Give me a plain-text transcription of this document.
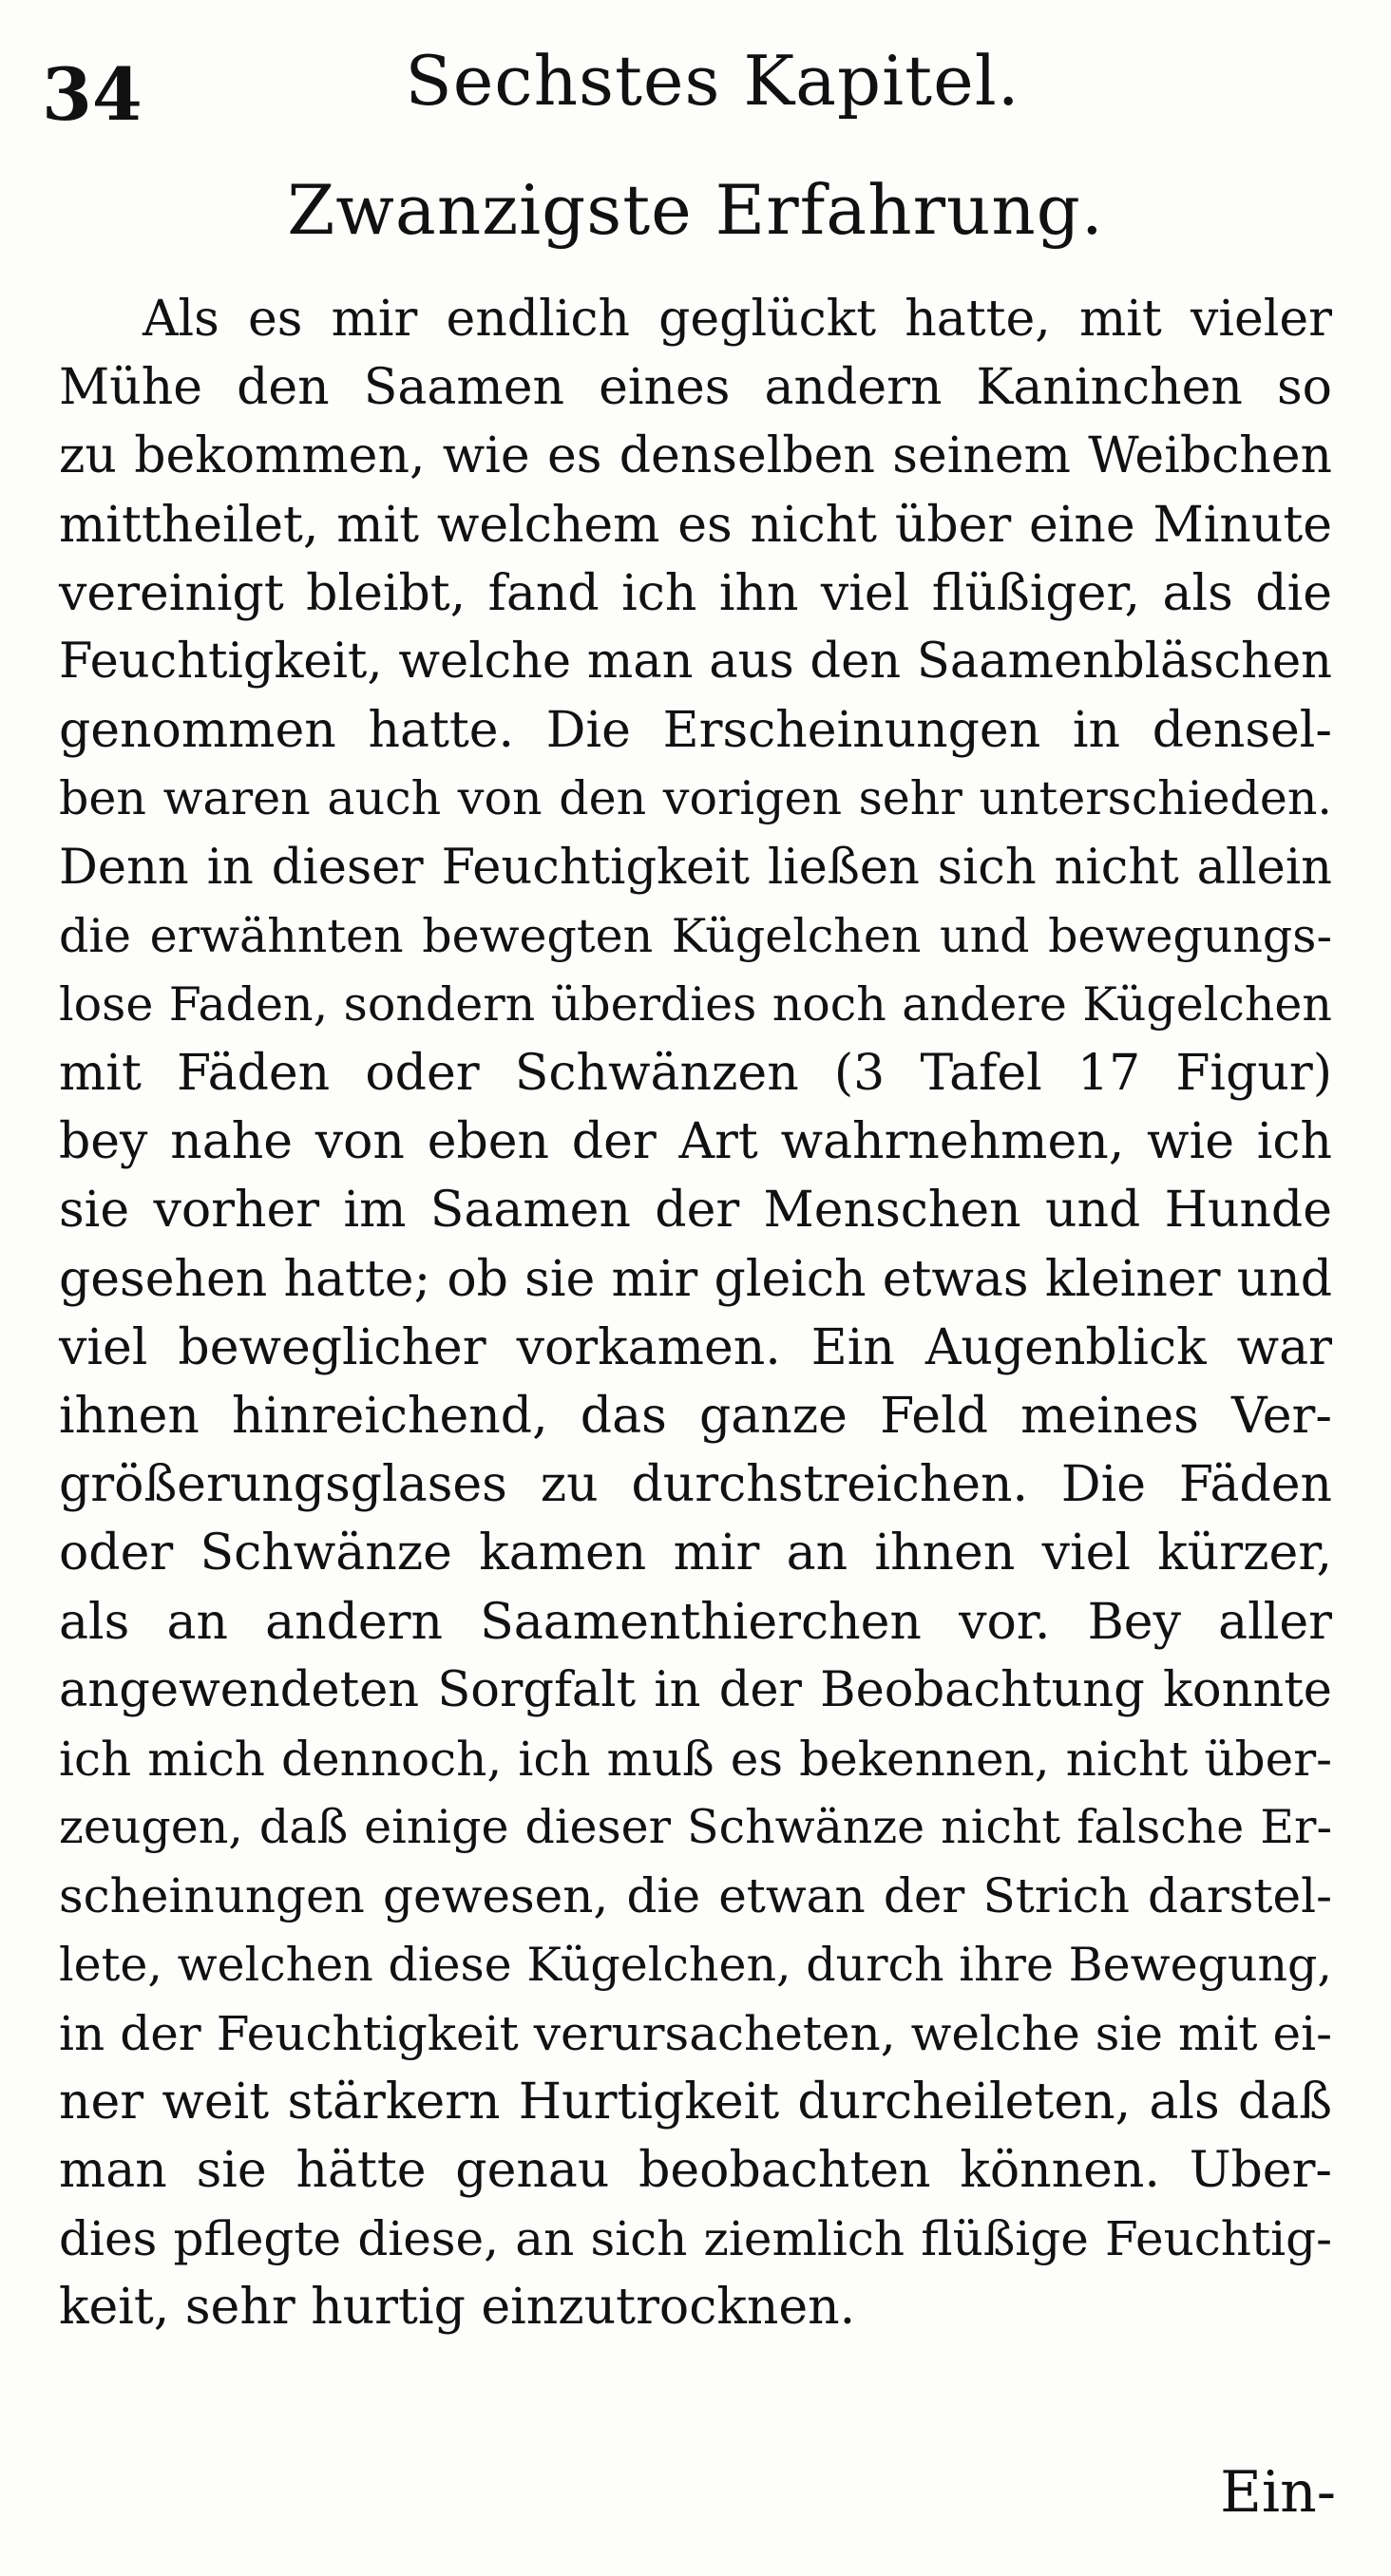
34	Sechstes Kapitel.
Zwanzigste Erfahrung.
Als es mir endlich geglückt hatte, mit vieler
Mühe den Saamen eines andern Kaninchen so
zu bekommen, wie es denselben seinem Weibchen
mittheilet, mit welchem es nicht über eine Minute
vereinigt bleibt, fand ich ihn viel flüßiger, als die
Feuchtigkeit, welche man aus den Saamenbläschen
genommen hatte. Die Erscheinungen in densel-
ben waren auch von den vorigen sehr unterschieden.
Denn in dieser Feuchtigkeit ließen sich nicht allein
die erwähnten bewegten Kügelchen und bewegungs-
lose Faden, sondern überdies noch andere Kügelchen
mit Fäden oder Schwänzen (3 Tafel 17 Figur)
bey nahe von eben der Art wahrnehmen, wie ich
sie vorher im Saamen der Menschen und Hunde
gesehen hatte; ob sie mir gleich etwas kleiner und
viel beweglicher vorkamen. Ein Augenblick war
ihnen hinreichend, das ganze Feld meines Ver-
größerungsglases zu durchstreichen. Die Fäden
oder Schwänze kamen mir an ihnen viel kürzer,
als an andern Saamenthierchen vor. Bey aller
angewendeten Sorgfalt in der Beobachtung konnte
ich mich dennoch, ich muß es bekennen, nicht über-
zeugen, daß einige dieser Schwänze nicht falsche Er-
scheinungen gewesen, die etwan der Strich darstel-
lete, welchen diese Kügelchen, durch ihre Bewegung,
in der Feuchtigkeit verursacheten, welche sie mit ei-
ner weit stärkern Hurtigkeit durcheileten, als daß
man sie hätte genau beobachten können. Uber-
dies pflegte diese, an sich ziemlich flüßige Feuchtig-
keit, sehr hurtig einzutrocknen.
Ein-
